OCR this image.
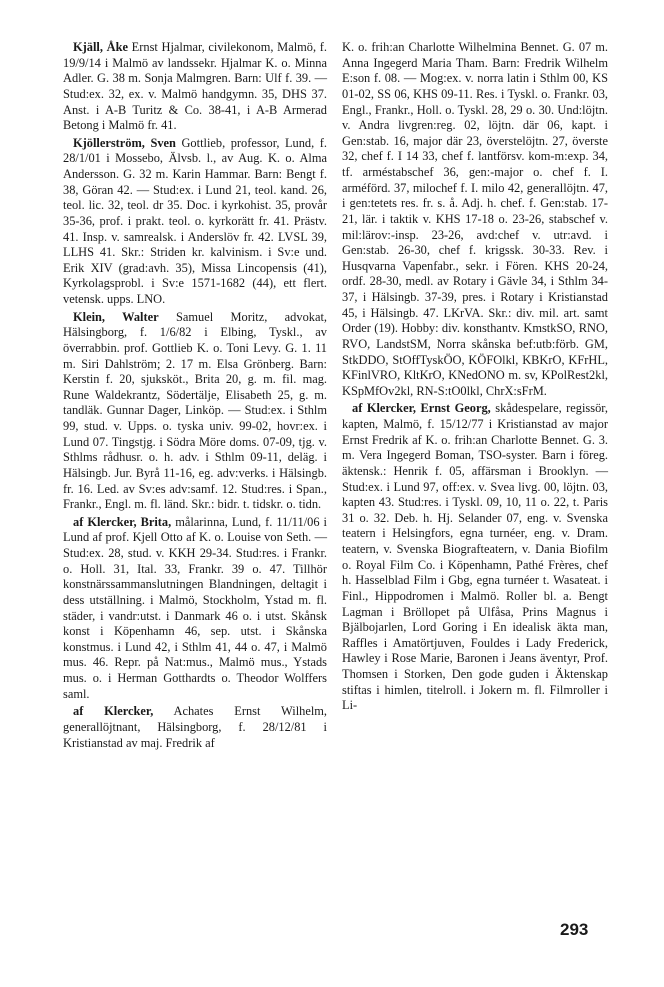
Kjäll, Åke Ernst Hjalmar, civilekonom, Malmö, f. 19/9/14 i Malmö av landssekr. Hjalmar K. o. Minna Adler. G. 38 m. Sonja Malmgren. Barn: Ulf f. 39. — Stud:ex. 32, ex. v. Malmö handgymn. 35, DHS 37. Anst. i A-B Turitz & Co. 38-41, i A-B Armerad Betong i Malmö fr. 41.

Kjöllerström, Sven Gottlieb, professor, Lund, f. 28/1/01 i Mossebo, Älvsb. l., av Aug. K. o. Alma Andersson. G. 32 m. Karin Hammar. Barn: Bengt f. 38, Göran 42. — Stud:ex. i Lund 21, teol. kand. 26, teol. lic. 32, teol. dr 35. Doc. i kyrkohist. 35, provår 35-36, prof. i prakt. teol. o. kyrkorätt fr. 41. Prästv. 41. Insp. v. samrealsk. i Anderslöv fr. 42. LVSL 39, LLHS 41. Skr.: Striden kr. kalvinism. i Sv:e und. Erik XIV (grad:avh. 35), Missa Lincopensis (41), Kyrkolagsprobl. i Sv:e 1571-1682 (44), ett flert. vetensk. upps. LNO.

Klein, Walter Samuel Moritz, advokat, Hälsingborg, f. 1/6/82 i Elbing, Tyskl., av överrabbin. prof. Gottlieb K. o. Toni Levy. G. 1. 11 m. Siri Dahlström; 2. 17 m. Elsa Grönberg. Barn: Kerstin f. 20, sjuksköt., Brita 20, g. m. fil. mag. Rune Waldekrantz, Södertälje, Elisabeth 25, g. m. tandläk. Gunnar Dager, Linköp. — Stud:ex. i Sthlm 99, stud. v. Upps. o. tyska univ. 99-02, hovr:ex. i Lund 07. Tingstjg. i Södra Möre doms. 07-09, tjg. v. Sthlms rådhusr. o. h. adv. i Sthlm 09-11, deläg. i Hälsingb. Jur. Byrå 11-16, eg. adv:verks. i Hälsingb. fr. 16. Led. av Sv:es adv:samf. 12. Stud:res. i Span., Frankr., Engl. m. fl. länd. Skr.: bidr. t. tidskr. o. tidn.

af Klercker, Brita, målarinna, Lund, f. 11/11/06 i Lund af prof. Kjell Otto af K. o. Louise von Seth. — Stud:ex. 28, stud. v. KKH 29-34. Stud:res. i Frankr. o. Holl. 31, Ital. 33, Frankr. 39 o. 47. Tillhör konstnärssammanslutningen Blandningen, deltagit i dess utställning. i Malmö, Stockholm, Ystad m. fl. städer, i vandr:utst. i Danmark 46 o. i utst. Skånsk konst i Köpenhamn 46, sep. utst. i Skånska konstmus. i Lund 42, i Sthlm 41, 44 o. 47, i Malmö mus. 46. Repr. på Nat:mus., Malmö mus., Ystads mus. o. i Herman Gotthardts o. Theodor Wolffers saml.

af Klercker, Achates Ernst Wilhelm, generallöjtnant, Hälsingborg, f. 28/12/81 i Kristianstad av maj. Fredrik af

K. o. frih:an Charlotte Wilhelmina Bennet. G. 07 m. Anna Ingegerd Maria Tham. Barn: Fredrik Wilhelm E:son f. 08. — Mog:ex. v. norra latin i Sthlm 00, KS 01-02, SS 06, KHS 09-11. Res. i Tyskl. o. Frankr. 03, Engl., Frankr., Holl. o. Tyskl. 28, 29 o. 30. Und:löjtn. v. Andra livgren:reg. 02, löjtn. där 06, kapt. i Gen:stab. 16, major där 23, överstelöjtn. 27, överste 32, chef f. I 14 33, chef f. lantförsv. kom-m:exp. 34, tf. arméstabschef 36, gen:-major o. chef f. I. arméförd. 37, milochef f. I. milo 42, generallöjtn. 47, i gen:tetets res. fr. s. å. Adj. h. chef. f. Gen:stab. 17-21, lär. i taktik v. KHS 17-18 o. 23-26, stabschef v. mil:lärov:-insp. 23-26, avd:chef v. utr:avd. i Gen:stab. 26-30, chef f. krigssk. 30-33. Rev. i Husqvarna Vapenfabr., sekr. i Fören. KHS 20-24, ordf. 28-30, medl. av Rotary i Gävle 34, i Sthlm 34-37, i Hälsingb. 37-39, pres. i Rotary i Kristianstad 45, i Hälsingb. 47. LKrVA. Skr.: div. mil. art. samt Order (19). Hobby: div. konsthantv. KmstkSO, RNO, RVO, LandstSM, Norra skånska bef:utb:förb. GM, StkDDO, StOffTyskÖO, KÖFOlkl, KBKrO, KFrHL, KFinlVRO, KltKrO, KNedONO m. sv, KPolRest2kl, KSpMfOv2kl, RN-S:tO0lkl, ChrX:sFrM.

af Klercker, Ernst Georg, skådespelare, regissör, kapten, Malmö, f. 15/12/77 i Kristianstad av major Ernst Fredrik af K. o. frih:an Charlotte Bennet. G. 3. m. Vera Ingegerd Boman, TSO-syster. Barn i föreg. äktensk.: Henrik f. 05, affärsman i Brooklyn. — Stud:ex. i Lund 97, off:ex. v. Svea livg. 00, löjtn. 03, kapten 43. Stud:res. i Tyskl. 09, 10, 11 o. 22, t. Paris 31 o. 32. Deb. h. Hj. Selander 07, eng. v. Svenska teatern i Helsingfors, egna turnéer, eng. v. Dram. teatern, v. Svenska Biografteatern, v. Dania Biofilm o. Royal Film Co. i Köpenhamn, Pathé Frères, chef h. Hasselblad Film i Gbg, egna turnéer t. Wasateat. i Finl., Hippodromen i Malmö. Roller bl. a. Bengt Lagman i Bröllopet på Ulfåsa, Prins Magnus i Bjälbojarlen, Lord Goring i En idealisk äkta man, Raffles i Amatörtjuven, Fouldes i Lady Frederick, Hawley i Rose Marie, Baronen i Jeans äventyr, Prof. Thomsen i Storken, Den gode guden i Äktenskap stiftas i himlen, titelroll. i Jokern m. fl. Filmroller i Li-

293
